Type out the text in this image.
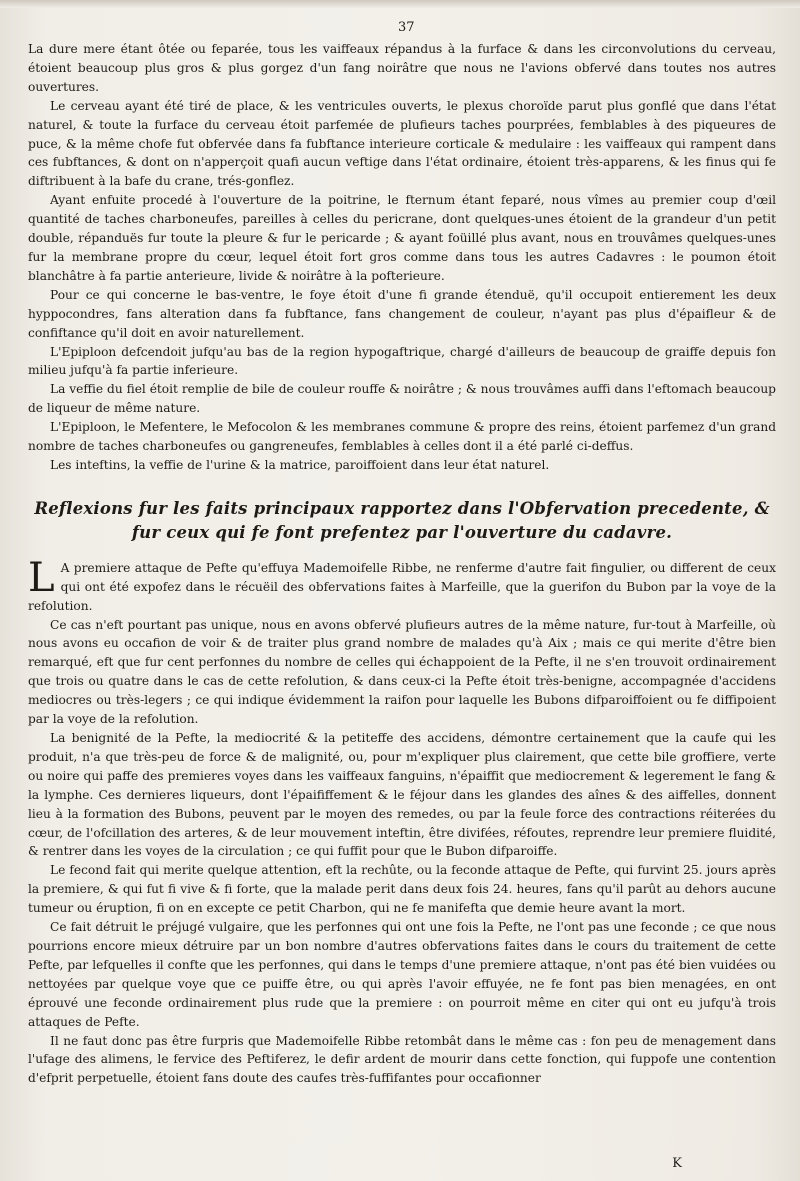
37

La dure mere étant ôtée ou feparée, tous les vaiffeaux répandus à la furface & dans les circonvolutions du cerveau, étoient beaucoup plus gros & plus gorgez d'un fang noirâtre que nous ne l'avions obfervé dans toutes nos autres ouvertures.

Le cerveau ayant été tiré de place, & les ventricules ouverts, le plexus choroïde parut plus gonflé que dans l'état naturel, & toute la furface du cerveau étoit parfemée de plufieurs taches pourprées, femblables à des piqueures de puce, & la même chofe fut obfervée dans fa fubftance interieure corticale & medulaire : les vaiffeaux qui rampent dans ces fubftances, & dont on n'apperçoit quafi aucun veftige dans l'état ordinaire, étoient très-apparens, & les finus qui fe diftribuent à la bafe du crane, trés-gonflez.

Ayant enfuite procedé à l'ouverture de la poitrine, le fternum étant feparé, nous vîmes au premier coup d'œil quantité de taches charboneufes, pareilles à celles du pericrane, dont quelques-unes étoient de la grandeur d'un petit double, répanduës fur toute la pleure & fur le pericarde ; & ayant foüillé plus avant, nous en trouvâmes quelques-unes fur la membrane propre du cœur, lequel étoit fort gros comme dans tous les autres Cadavres : le poumon étoit blanchâtre à fa partie anterieure, livide & noirâtre à la pofterieure.

Pour ce qui concerne le bas-ventre, le foye étoit d'une fi grande étenduë, qu'il occupoit entierement les deux hyppocondres, fans alteration dans fa fubftance, fans changement de couleur, n'ayant pas plus d'épaifleur & de confiftance qu'il doit en avoir naturellement.

L'Epiploon defcendoit jufqu'au bas de la region hypogaftrique, chargé d'ailleurs de beaucoup de graiffe depuis fon milieu jufqu'à fa partie inferieure.

La veffie du fiel étoit remplie de bile de couleur rouffe & noirâtre ; & nous trouvâmes auffi dans l'eftomach beaucoup de liqueur de même nature.

L'Epiploon, le Mefentere, le Mefocolon & les membranes commune & propre des reins, étoient parfemez d'un grand nombre de taches charboneufes ou gangreneufes, femblables à celles dont il a été parlé ci-deffus.

Les inteftins, la veffie de l'urine & la matrice, paroiffoient dans leur état naturel.

Reflexions fur les faits principaux rapportez dans l'Obfervation precedente, & fur ceux qui fe font prefentez par l'ouverture du cadavre.

L A premiere attaque de Pefte qu'effuya Mademoifelle Ribbe, ne renferme d'autre fait fingulier, ou different de ceux qui ont été expofez dans le récuëil des obfervations faites à Marfeille, que la guerifon du Bubon par la voye de la refolution.

Ce cas n'eft pourtant pas unique, nous en avons obfervé plufieurs autres de la même nature, fur-tout à Marfeille, où nous avons eu occafion de voir & de traiter plus grand nombre de malades qu'à Aix ; mais ce qui merite d'être bien remarqué, eft que fur cent perfonnes du nombre de celles qui échappoient de la Pefte, il ne s'en trouvoit ordinairement que trois ou quatre dans le cas de cette refolution, & dans ceux-ci la Pefte étoit très-benigne, accompagnée d'accidens mediocres ou très-legers ; ce qui indique évidemment la raifon pour laquelle les Bubons difparoiffoient ou fe diffipoient par la voye de la refolution.

La benignité de la Pefte, la mediocrité & la petiteffe des accidens, démontre certainement que la caufe qui les produit, n'a que très-peu de force & de malignité, ou, pour m'expliquer plus clairement, que cette bile groffiere, verte ou noire qui paffe des premieres voyes dans les vaiffeaux fanguins, n'épaiffit que mediocrement & legerement le fang & la lymphe. Ces dernieres liqueurs, dont l'épaififfement & le féjour dans les glandes des aînes & des aiffelles, donnent lieu à la formation des Bubons, peuvent par le moyen des remedes, ou par la feule force des contractions réiterées du cœur, de l'ofcillation des arteres, & de leur mouvement inteftin, être divifées, réfoutes, reprendre leur premiere fluidité, & rentrer dans les voyes de la circulation ; ce qui fuffit pour que le Bubon difparoiffe.

Le fecond fait qui merite quelque attention, eft la rechûte, ou la feconde attaque de Pefte, qui furvint 25. jours après la premiere, & qui fut fi vive & fi forte, que la malade perit dans deux fois 24. heures, fans qu'il parût au dehors aucune tumeur ou éruption, fi on en excepte ce petit Charbon, qui ne fe manifefta que demie heure avant la mort.

Ce fait détruit le préjugé vulgaire, que les perfonnes qui ont une fois la Pefte, ne l'ont pas une feconde ; ce que nous pourrions encore mieux détruire par un bon nombre d'autres obfervations faites dans le cours du traitement de cette Pefte, par lefquelles il confte que les perfonnes, qui dans le temps d'une premiere attaque, n'ont pas été bien vuidées ou nettoyées par quelque voye que ce puiffe être, ou qui après l'avoir effuyée, ne fe font pas bien menagées, en ont éprouvé une feconde ordinairement plus rude que la premiere : on pourroit même en citer qui ont eu jufqu'à trois attaques de Pefte.

Il ne faut donc pas être furpris que Mademoifelle Ribbe retombât dans le même cas : fon peu de menagement dans l'ufage des alimens, le fervice des Peftiferez, le defir ardent de mourir dans cette fonction, qui fuppofe une contention d'efprit perpetuelle, étoient fans doute des caufes très-fuffifantes pour occafionner

K
